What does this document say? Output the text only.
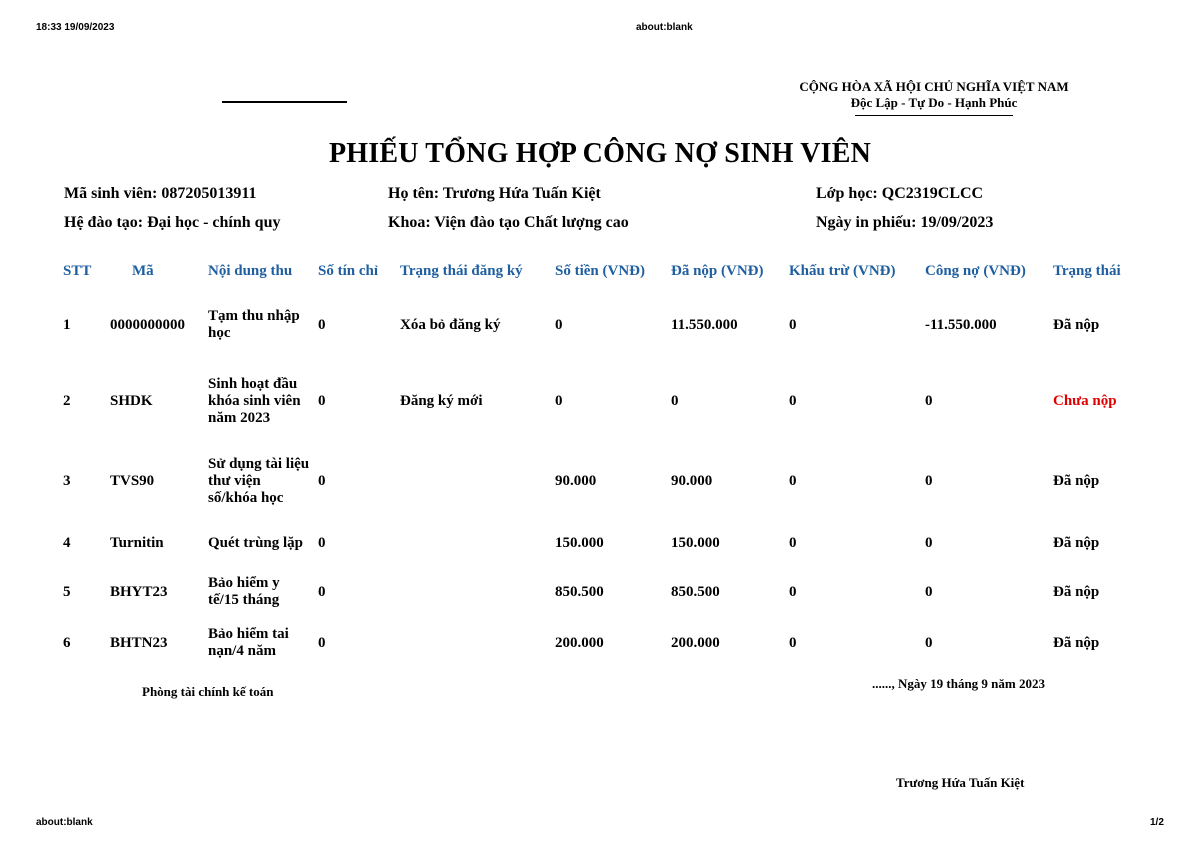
18:33 19/09/2023	about:blank
about:blank	1/2
CỘNG HÒA XÃ HỘI CHỦ NGHĨA VIỆT NAM
Độc Lập - Tự Do - Hạnh Phúc
PHIẾU TỔNG HỢP CÔNG NỢ SINH VIÊN
Mã sinh viên: 087205013911	Họ tên: Trương Hứa Tuấn Kiệt	Lớp học: QC2319CLCC
Hệ đào tạo: Đại học - chính quy	Khoa: Viện đào tạo Chất lượng cao	Ngày in phiếu: 19/09/2023
STT	Mã	Nội dung thu	Số tín chỉ	Trạng thái đăng ký	Số tiền (VNĐ)	Đã nộp (VNĐ)	Khấu trừ (VNĐ)	Công nợ (VNĐ)	Trạng thái
1	0000000000	Tạm thu nhập học	0	Xóa bỏ đăng ký	0	11.550.000	0	-11.550.000	Đã nộp
2	SHDK	Sinh hoạt đầu khóa sinh viên năm 2023	0	Đăng ký mới	0	0	0	0	Chưa nộp
3	TVS90	Sử dụng tài liệu thư viện số/khóa học	0		90.000	90.000	0	0	Đã nộp
4	Turnitin	Quét trùng lặp	0		150.000	150.000	0	0	Đã nộp
5	BHYT23	Bảo hiểm y tế/15 tháng	0		850.500	850.500	0	0	Đã nộp
6	BHTN23	Bảo hiểm tai nạn/4 năm	0		200.000	200.000	0	0	Đã nộp
Phòng tài chính kế toán
......, Ngày 19 tháng 9 năm 2023
Trương Hứa Tuấn Kiệt
